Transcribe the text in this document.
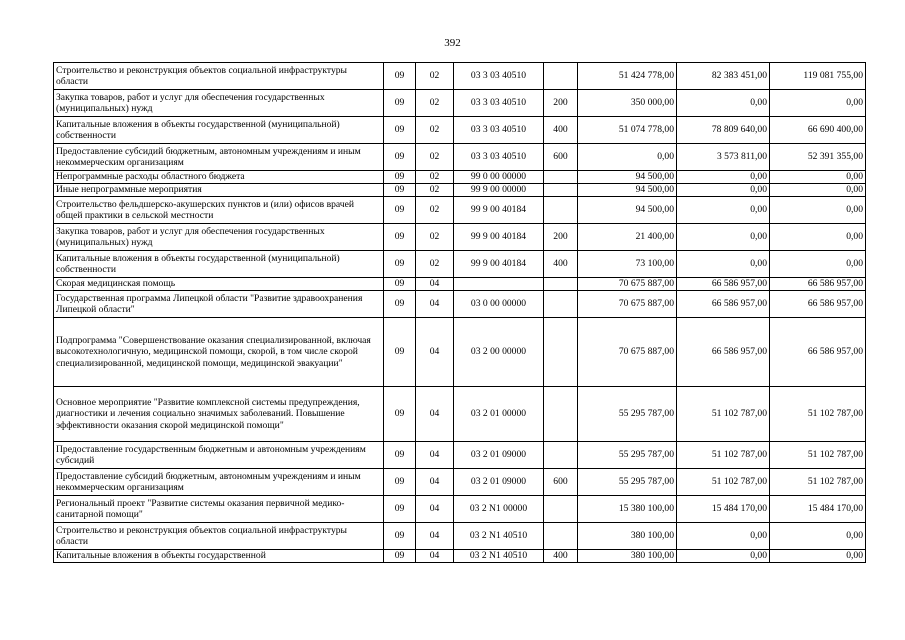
392
Строительство и реконструкция объектов социальной инфраструктуры области	09	02	03 3 03 40510		51 424 778,00	82 383 451,00	119 081 755,00
Закупка товаров, работ и услуг для обеспечения государственных (муниципальных) нужд	09	02	03 3 03 40510	200	350 000,00	0,00	0,00
Капитальные вложения в объекты государственной (муниципальной) собственности	09	02	03 3 03 40510	400	51 074 778,00	78 809 640,00	66 690 400,00
Предоставление субсидий бюджетным, автономным учреждениям и иным некоммерческим организациям	09	02	03 3 03 40510	600	0,00	3 573 811,00	52 391 355,00
Непрограммные расходы областного бюджета	09	02	99 0 00 00000		94 500,00	0,00	0,00
Иные непрограммные мероприятия	09	02	99 9 00 00000		94 500,00	0,00	0,00
Строительство фельдшерско-акушерских пунктов и (или) офисов врачей общей практики в сельской местности	09	02	99 9 00 40184		94 500,00	0,00	0,00
Закупка товаров, работ и услуг для обеспечения государственных (муниципальных) нужд	09	02	99 9 00 40184	200	21 400,00	0,00	0,00
Капитальные вложения в объекты государственной (муниципальной) собственности	09	02	99 9 00 40184	400	73 100,00	0,00	0,00
Скорая медицинская помощь	09	04			70 675 887,00	66 586 957,00	66 586 957,00
Государственная программа Липецкой области "Развитие здравоохранения Липецкой области"	09	04	03 0 00 00000		70 675 887,00	66 586 957,00	66 586 957,00
Подпрограмма "Совершенствование оказания специализированной, включая высокотехнологичную, медицинской помощи, скорой, в том числе скорой специализированной, медицинской помощи, медицинской эвакуации"	09	04	03 2 00 00000		70 675 887,00	66 586 957,00	66 586 957,00
Основное мероприятие "Развитие комплексной системы предупреждения, диагностики и лечения социально значимых заболеваний. Повышение эффективности оказания скорой медицинской помощи"	09	04	03 2 01 00000		55 295 787,00	51 102 787,00	51 102 787,00
Предоставление государственным бюджетным и автономным учреждениям субсидий	09	04	03 2 01 09000		55 295 787,00	51 102 787,00	51 102 787,00
Предоставление субсидий бюджетным, автономным учреждениям и иным некоммерческим организациям	09	04	03 2 01 09000	600	55 295 787,00	51 102 787,00	51 102 787,00
Региональный проект "Развитие системы оказания первичной медико-санитарной помощи"	09	04	03 2 N1 00000		15 380 100,00	15 484 170,00	15 484 170,00
Строительство и реконструкция объектов социальной инфраструктуры области	09	04	03 2 N1 40510		380 100,00	0,00	0,00
Капитальные вложения в объекты государственной	09	04	03 2 N1 40510	400	380 100,00	0,00	0,00
